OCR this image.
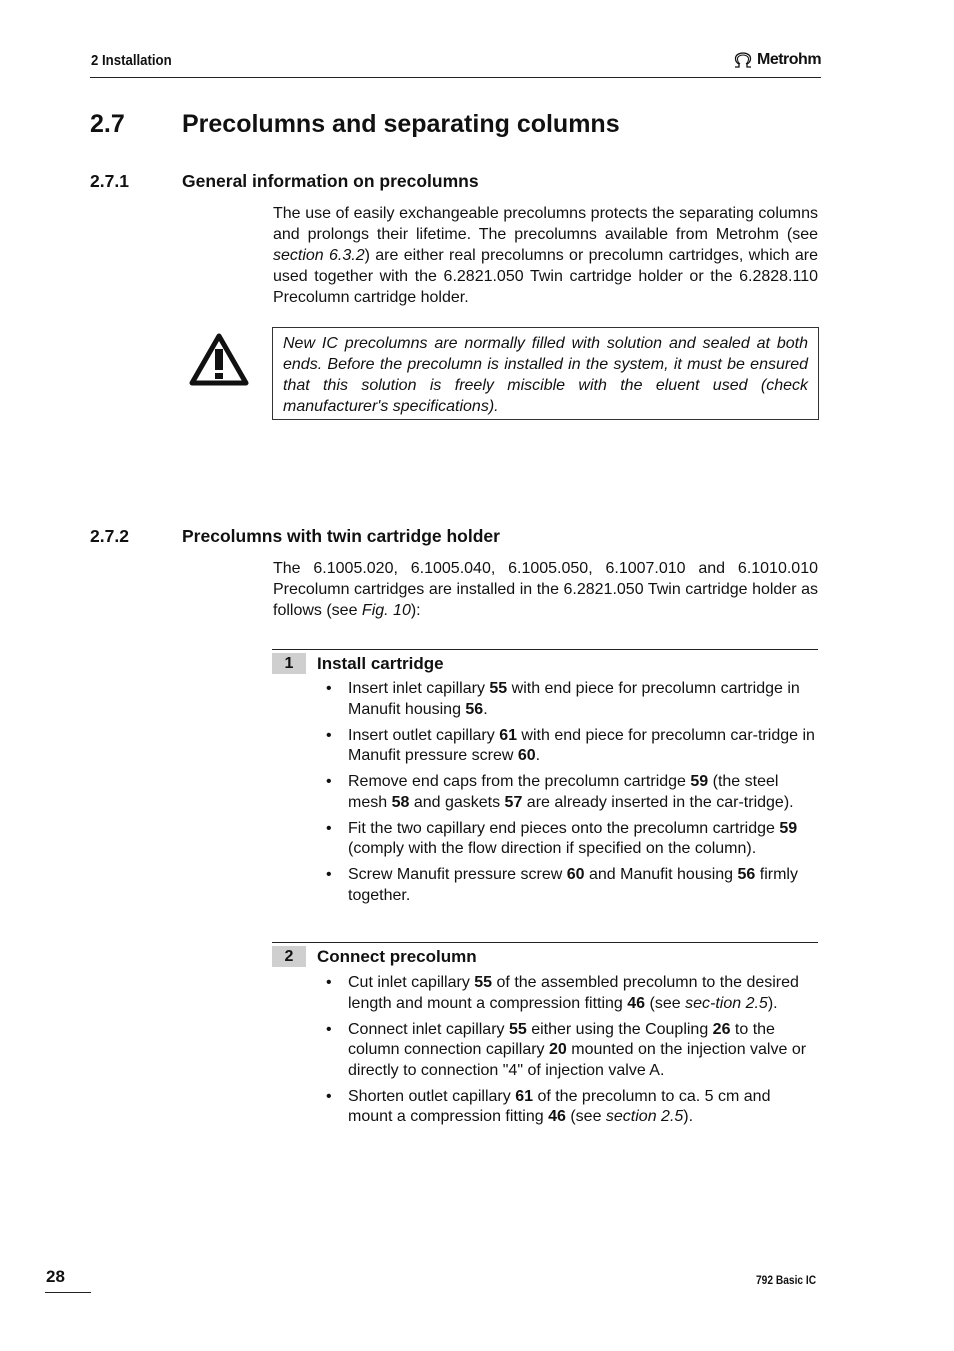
2 Installation	Metrohm
2.7 Precolumns and separating columns
2.7.1	General information on precolumns
The use of easily exchangeable precolumns protects the separating columns and prolongs their lifetime. The precolumns available from Metrohm (see section 6.3.2) are either real precolumns or precolumn cartridges, which are used together with the 6.2821.050 Twin cartridge holder or the 6.2828.110 Precolumn cartridge holder.
New IC precolumns are normally filled with solution and sealed at both ends. Before the precolumn is installed in the system, it must be ensured that this solution is freely miscible with the eluent used (check manufacturer's specifications).
2.7.2	Precolumns with twin cartridge holder
The 6.1005.020, 6.1005.040, 6.1005.050, 6.1007.010 and 6.1010.010 Precolumn cartridges are installed in the 6.2821.050 Twin cartridge holder as follows (see Fig. 10):
1	Install cartridge
• Insert inlet capillary 55 with end piece for precolumn cartridge in Manufit housing 56.
• Insert outlet capillary 61 with end piece for precolumn car-tridge in Manufit pressure screw 60.
• Remove end caps from the precolumn cartridge 59 (the steel mesh 58 and gaskets 57 are already inserted in the car-tridge).
• Fit the two capillary end pieces onto the precolumn cartridge 59 (comply with the flow direction if specified on the column).
• Screw Manufit pressure screw 60 and Manufit housing 56 firmly together.
2	Connect precolumn
• Cut inlet capillary 55 of the assembled precolumn to the desired length and mount a compression fitting 46 (see sec-tion 2.5).
• Connect inlet capillary 55 either using the Coupling 26 to the column connection capillary 20 mounted on the injection valve or directly to connection "4" of injection valve A.
• Shorten outlet capillary 61 of the precolumn to ca. 5 cm and mount a compression fitting 46 (see section 2.5).
28	792 Basic IC
